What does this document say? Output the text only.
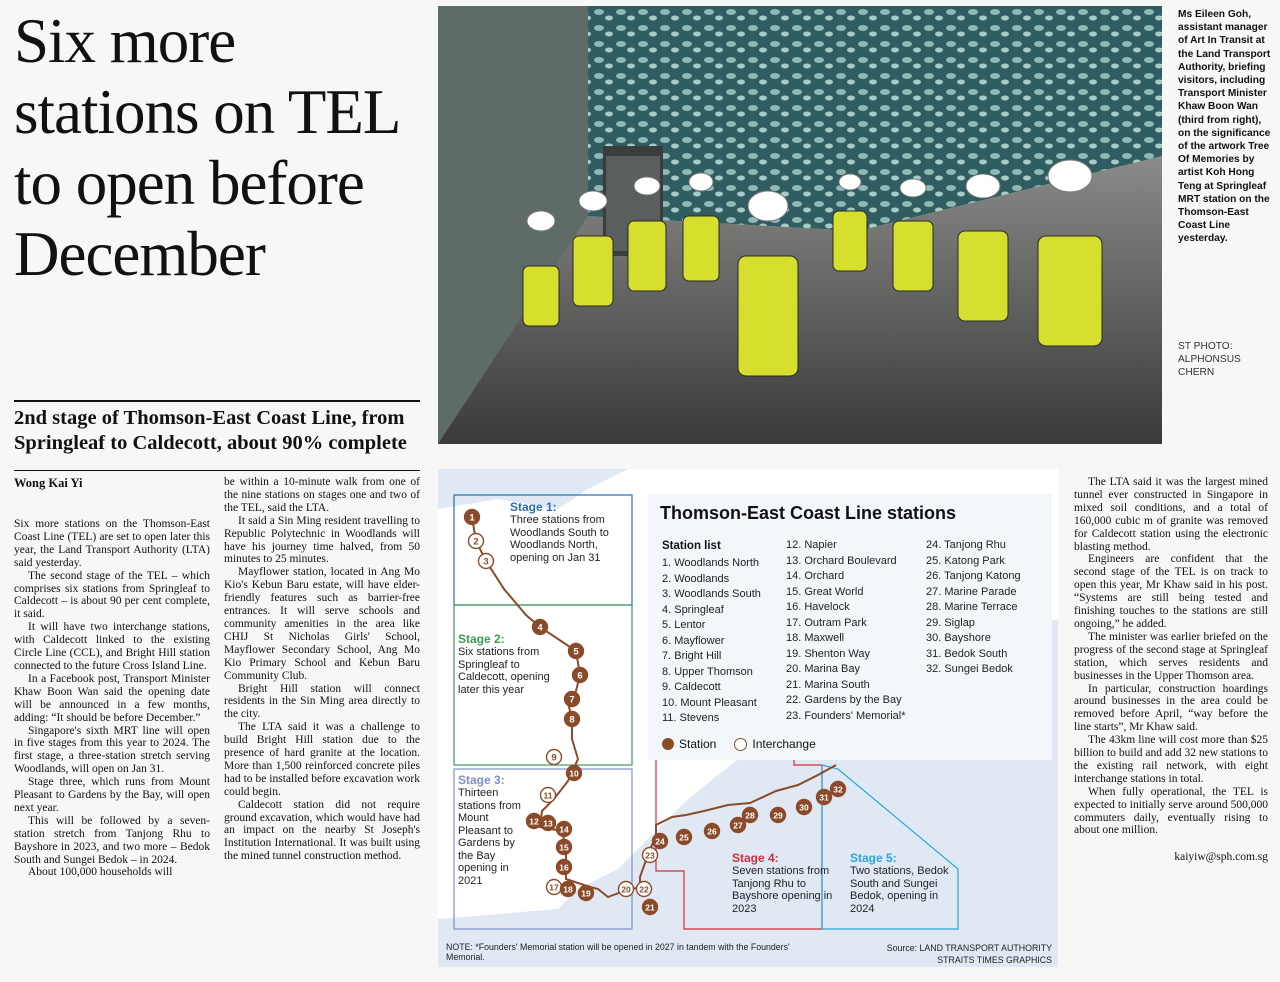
Six more stations on TEL to open before December
2nd stage of Thomson-East Coast Line, from Springleaf to Caldecott, about 90% complete
Wong Kai Yi

Six more stations on the Thomson-East Coast Line (TEL) are set to open later this year, the Land Transport Authority (LTA) said yesterday.

The second stage of the TEL – which comprises six stations from Springleaf to Caldecott – is about 90 per cent complete, it said.

It will have two interchange stations, with Caldecott linked to the existing Circle Line (CCL), and Bright Hill station connected to the future Cross Island Line.

In a Facebook post, Transport Minister Khaw Boon Wan said the opening date will be announced in a few months, adding: “It should be before December.”

Singapore's sixth MRT line will open in five stages from this year to 2024. The first stage, a three-station stretch serving Woodlands, will open on Jan 31.

Stage three, which runs from Mount Pleasant to Gardens by the Bay, will open next year.

This will be followed by a seven-station stretch from Tanjong Rhu to Bayshore in 2023, and two more – Bedok South and Sungei Bedok – in 2024.

About 100,000 households will

be within a 10-minute walk from one of the nine stations on stages one and two of the TEL, said the LTA.

It said a Sin Ming resident travelling to Republic Polytechnic in Woodlands will have his journey time halved, from 50 minutes to 25 minutes.

Mayflower station, located in Ang Mo Kio's Kebun Baru estate, will have elder-friendly features such as barrier-free entrances. It will serve schools and community amenities in the area like CHIJ St Nicholas Girls' School, Mayflower Secondary School, Ang Mo Kio Primary School and Kebun Baru Community Club.

Bright Hill station will connect residents in the Sin Ming area directly to the city.

The LTA said it was a challenge to build Bright Hill station due to the presence of hard granite at the location. More than 1,500 reinforced concrete piles had to be installed before excavation work could begin.

Caldecott station did not require ground excavation, which would have had an impact on the nearby St Joseph's Institution International. It was built using the mined tunnel construction method.

The LTA said it was the largest mined tunnel ever constructed in Singapore in mixed soil conditions, and a total of 160,000 cubic m of granite was removed for Caldecott station using the electronic blasting method.

Engineers are confident that the second stage of the TEL is on track to open this year, Mr Khaw said in his post. “Systems are still being tested and finishing touches to the stations are still ongoing,” he added.

The minister was earlier briefed on the progress of the second stage at Springleaf station, which serves residents and businesses in the Upper Thomson area.

In particular, construction hoardings around businesses in the area could be removed before April, “way before the line starts”, Mr Khaw said.

The 43km line will cost more than $25 billion to build and add 32 new stations to the existing rail network, with eight interchange stations in total.

When fully operational, the TEL is expected to initially serve around 500,000 commuters daily, eventually rising to about one million.

kaiyiw@sph.com.sg

Ms Eileen Goh, assistant manager of Art In Transit at the Land Transport Authority, briefing visitors, including Transport Minister Khaw Boon Wan (third from right), on the significance of the artwork Tree Of Memories by artist Koh Hong Teng at Springleaf MRT station on the Thomson-East Coast Line yesterday.
ST PHOTO: ALPHONSUS CHERN
1
2
3
4
5
6
7
8
9
10
11
12 13
14
15
16
17 18 19	20
21
22
23
24 25
26
27
28 29
30
31
32
Stage 1:
Three stations from Woodlands South to Woodlands North, opening on Jan 31
Stage 2:
Six stations from Springleaf to Caldecott, opening later this year
Stage 3:
Thirteen stations from Mount Pleasant to Gardens by the Bay opening in 2021
Stage 4:
Seven stations from Tanjong Rhu to Bayshore opening in 2023
Stage 5:
Two stations, Bedok South and Sungei Bedok, opening in 2024
Thomson-East Coast Line stations
Station list
1. Woodlands North
2. Woodlands
3. Woodlands South
4. Springleaf
5. Lentor
6. Mayflower
7. Bright Hill
8. Upper Thomson
9. Caldecott
10. Mount Pleasant
11. Stevens
12. Napier
13. Orchard Boulevard
14. Orchard
15. Great World
16. Havelock
17. Outram Park
18. Maxwell
19. Shenton Way
20. Marina Bay
21. Marina South
22. Gardens by the Bay
23. Founders' Memorial*
24. Tanjong Rhu
25. Katong Park
26. Tanjong Katong
27. Marine Parade
28. Marine Terrace
29. Siglap
30. Bayshore
31. Bedok South
32. Sungei Bedok
Station	Interchange
NOTE: *Founders' Memorial station will be opened in 2027 in tandem with the Founders' Memorial.
Source: LAND TRANSPORT AUTHORITY
STRAITS TIMES GRAPHICS
